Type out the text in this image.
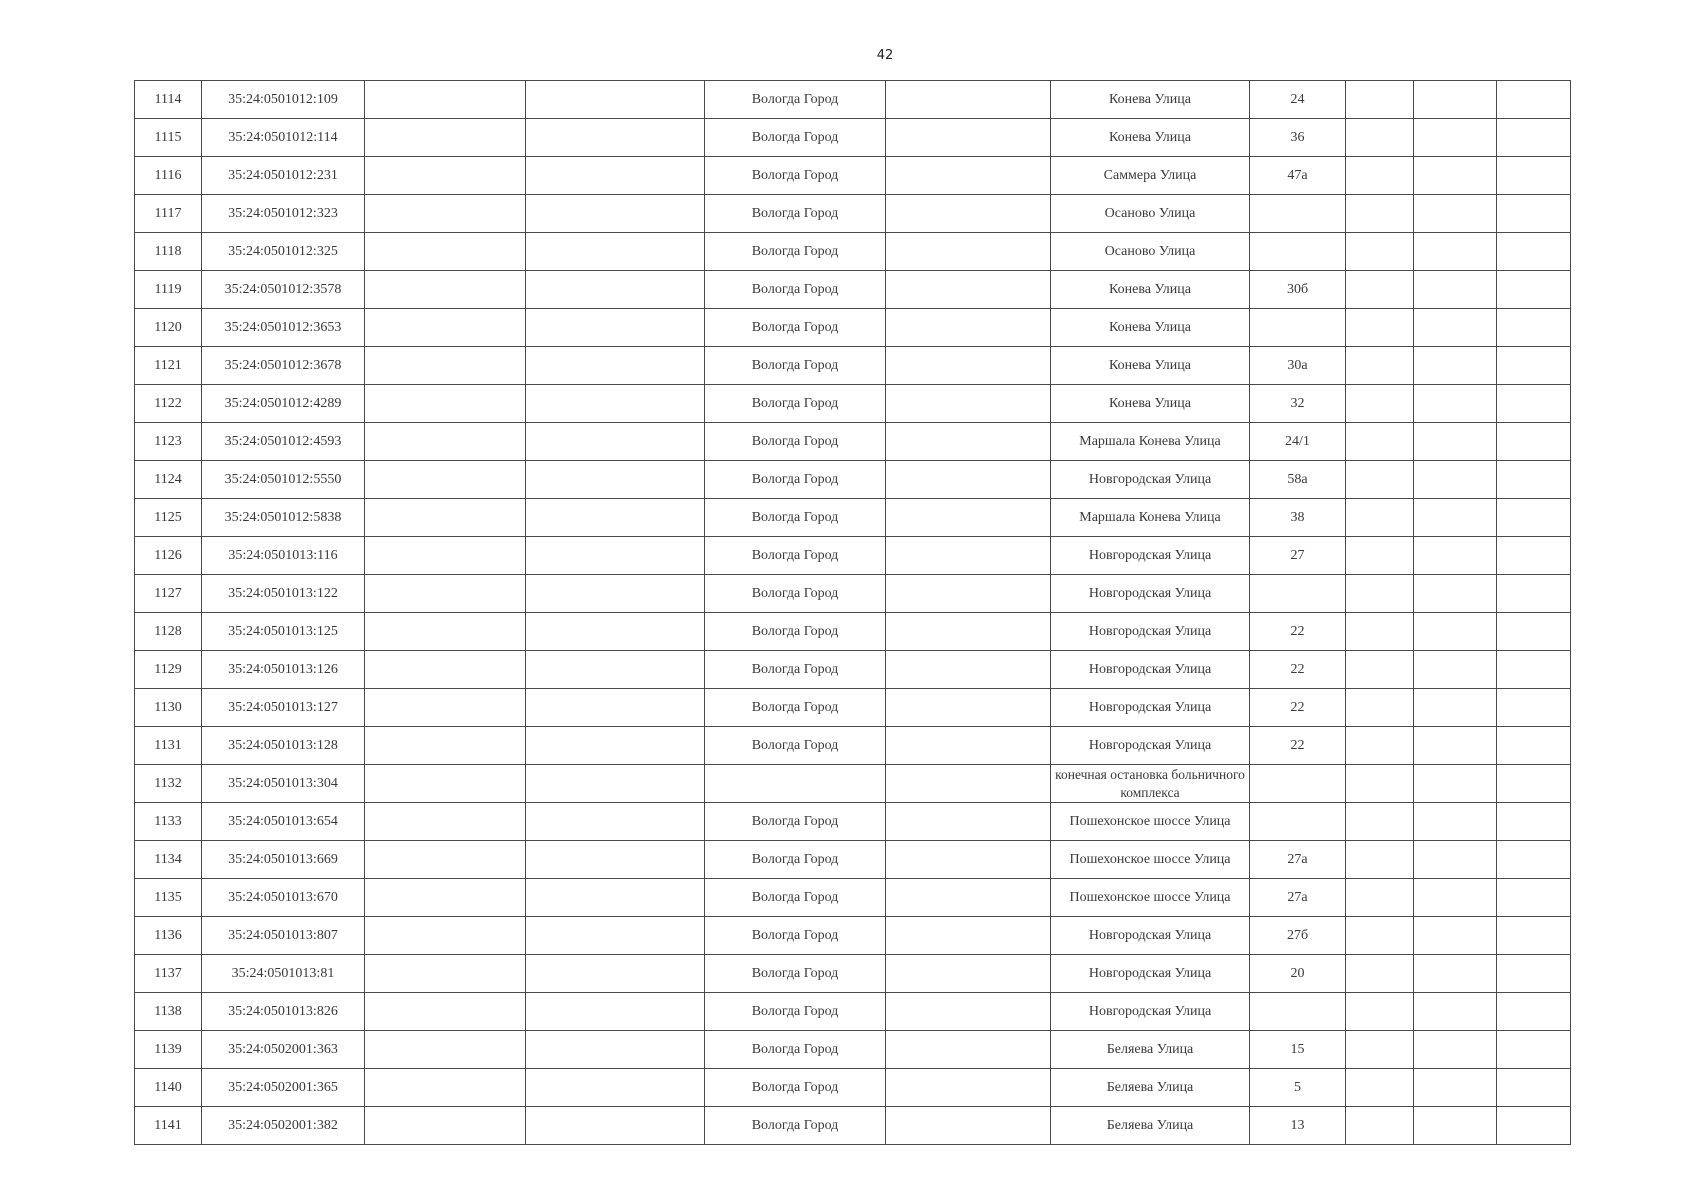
42
1114	35:24:0501012:109			Вологда Город		Конева Улица	24			
1115	35:24:0501012:114			Вологда Город		Конева Улица	36			
1116	35:24:0501012:231			Вологда Город		Саммера Улица	47а			
1117	35:24:0501012:323			Вологда Город		Осаново Улица				
1118	35:24:0501012:325			Вологда Город		Осаново Улица				
1119	35:24:0501012:3578			Вологда Город		Конева Улица	30б			
1120	35:24:0501012:3653			Вологда Город		Конева Улица				
1121	35:24:0501012:3678			Вологда Город		Конева Улица	30а			
1122	35:24:0501012:4289			Вологда Город		Конева Улица	32			
1123	35:24:0501012:4593			Вологда Город		Маршала Конева Улица	24/1			
1124	35:24:0501012:5550			Вологда Город		Новгородская Улица	58а			
1125	35:24:0501012:5838			Вологда Город		Маршала Конева Улица	38			
1126	35:24:0501013:116			Вологда Город		Новгородская Улица	27			
1127	35:24:0501013:122			Вологда Город		Новгородская Улица				
1128	35:24:0501013:125			Вологда Город		Новгородская Улица	22			
1129	35:24:0501013:126			Вологда Город		Новгородская Улица	22			
1130	35:24:0501013:127			Вологда Город		Новгородская Улица	22			
1131	35:24:0501013:128			Вологда Город		Новгородская Улица	22			
1132	35:24:0501013:304					конечная остановка больничного комплекса				
1133	35:24:0501013:654			Вологда Город		Пошехонское шоссе Улица				
1134	35:24:0501013:669			Вологда Город		Пошехонское шоссе Улица	27а			
1135	35:24:0501013:670			Вологда Город		Пошехонское шоссе Улица	27а			
1136	35:24:0501013:807			Вологда Город		Новгородская Улица	27б			
1137	35:24:0501013:81			Вологда Город		Новгородская Улица	20			
1138	35:24:0501013:826			Вологда Город		Новгородская Улица				
1139	35:24:0502001:363			Вологда Город		Беляева Улица	15			
1140	35:24:0502001:365			Вологда Город		Беляева Улица	5			
1141	35:24:0502001:382			Вологда Город		Беляева Улица	13			
